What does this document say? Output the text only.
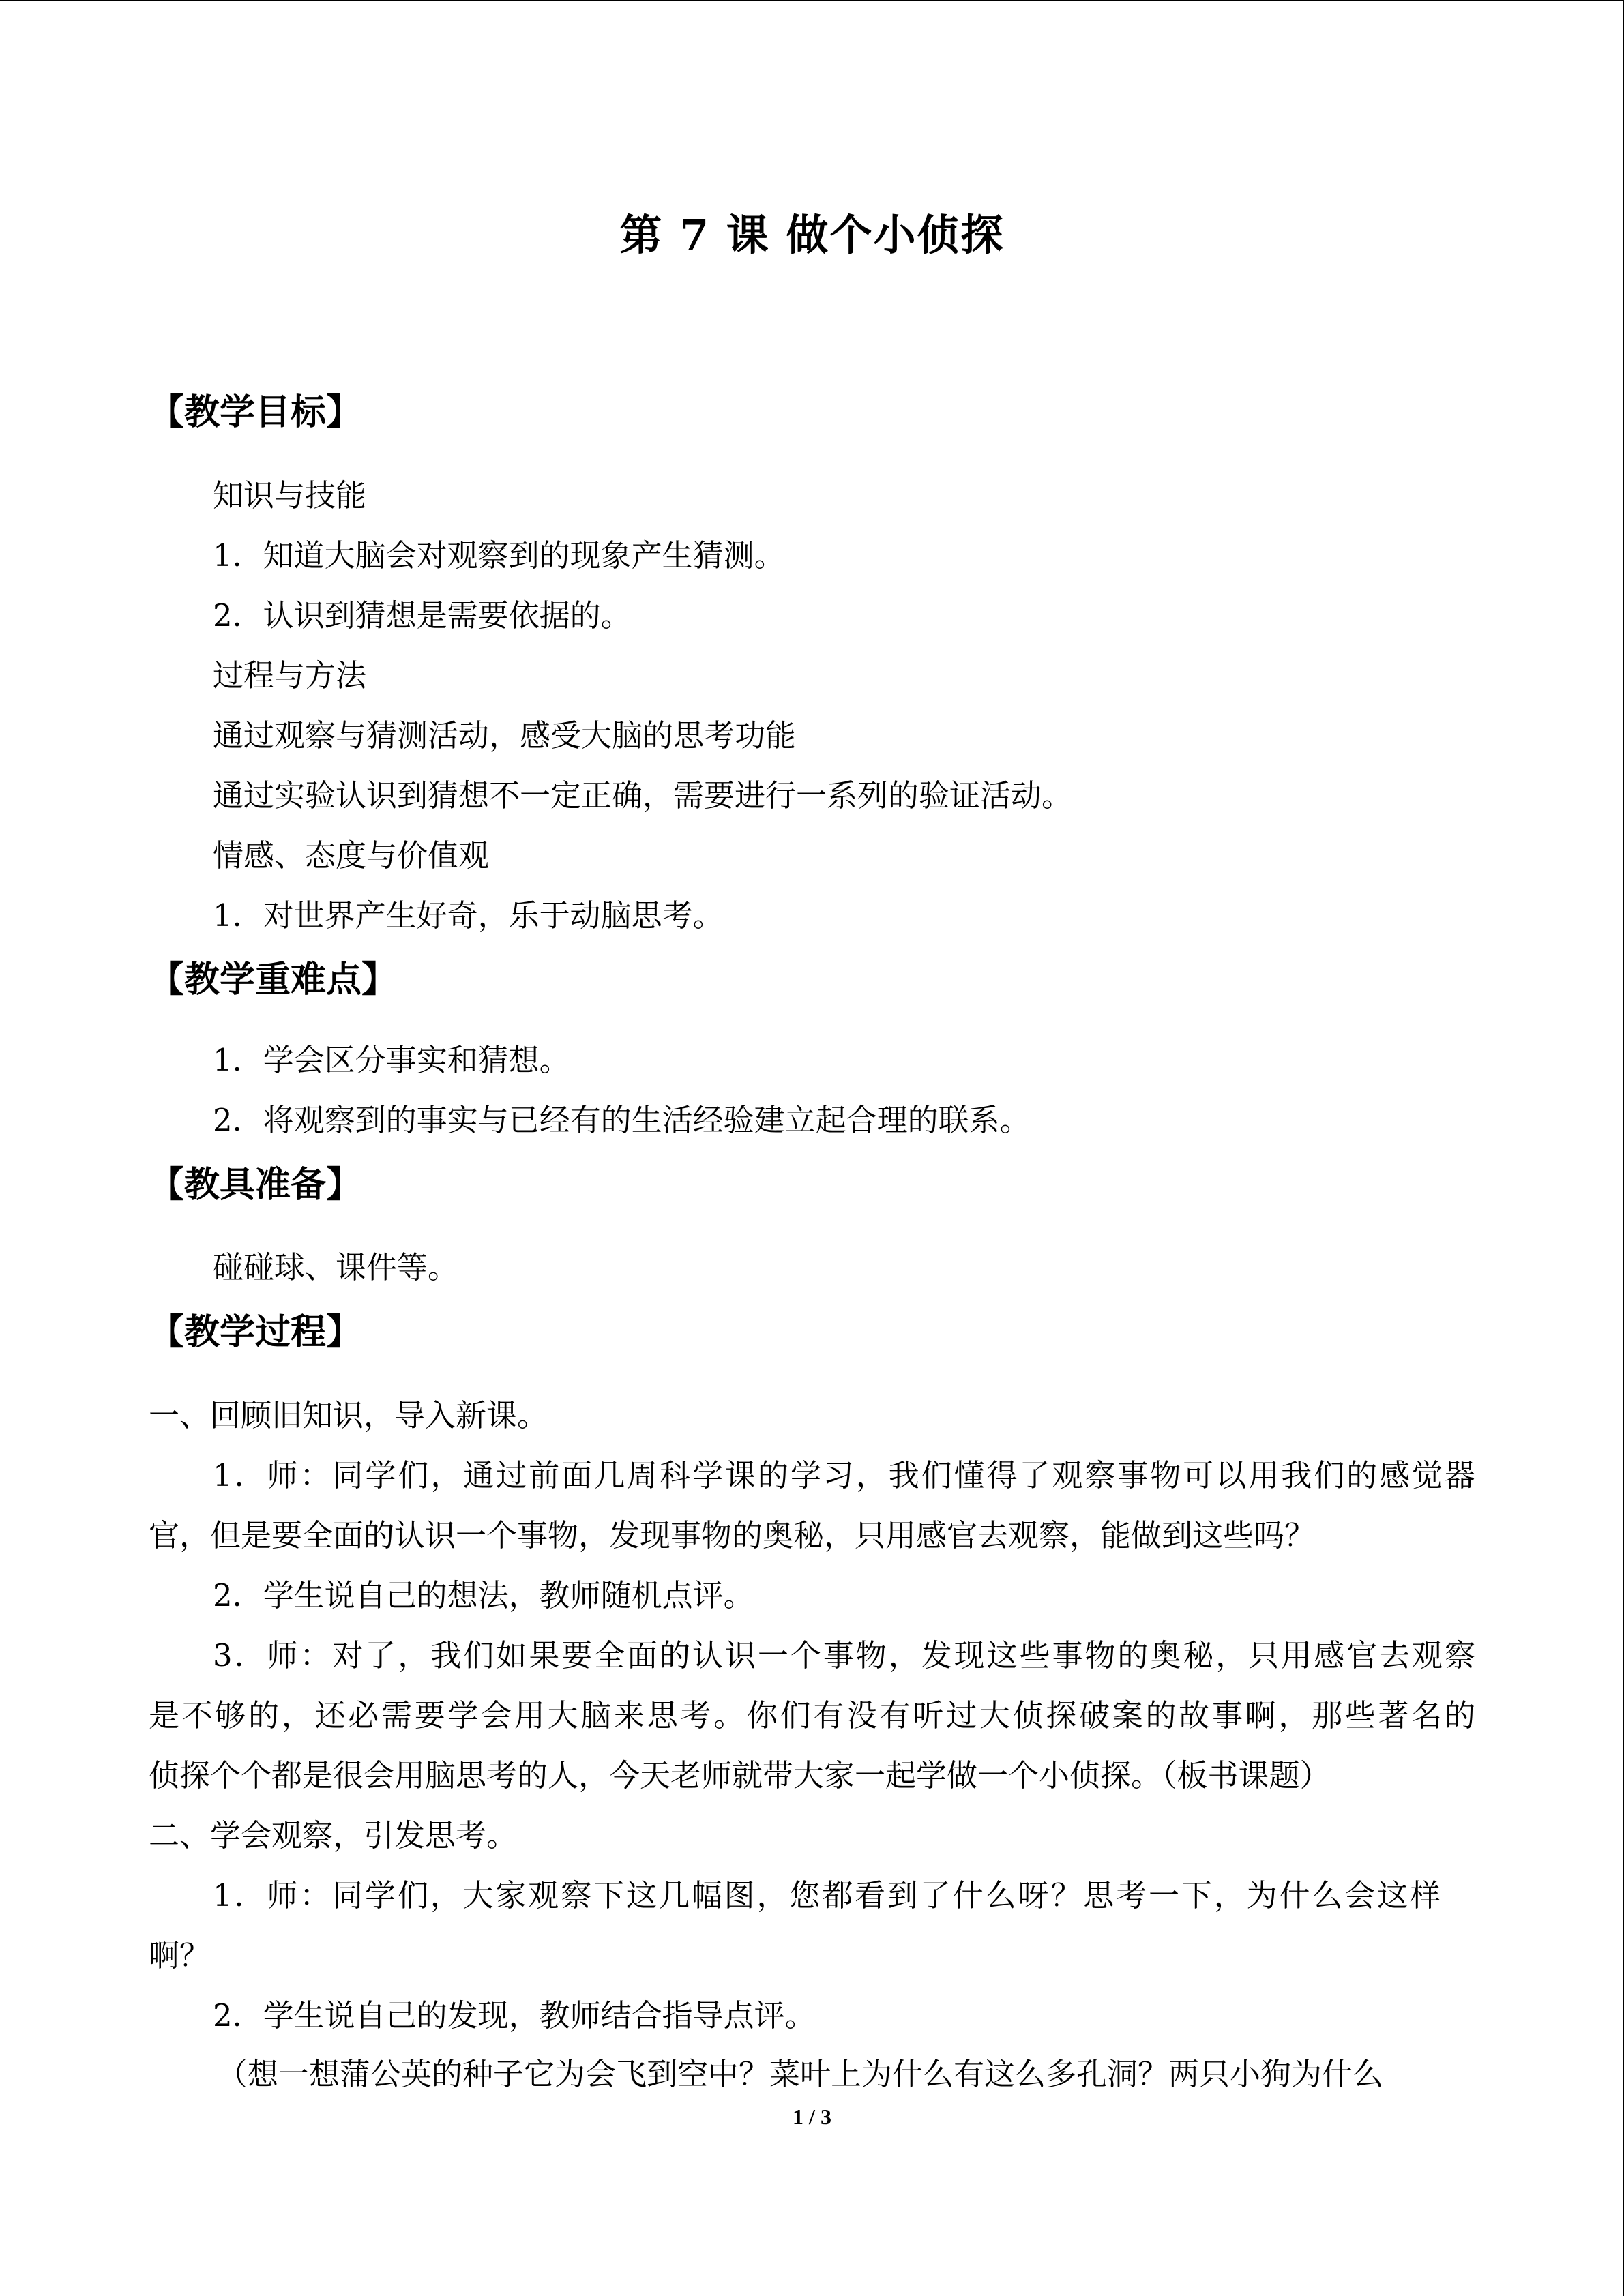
第 7 课 做个小侦探
【教学目标】
知识与技能
1．知道大脑会对观察到的现象产生猜测。
2．认识到猜想是需要依据的。
过程与方法
通过观察与猜测活动，感受大脑的思考功能
通过实验认识到猜想不一定正确，需要进行一系列的验证活动。
情感、态度与价值观
1．对世界产生好奇，乐于动脑思考。
【教学重难点】
1．学会区分事实和猜想。
2．将观察到的事实与已经有的生活经验建立起合理的联系。
【教具准备】
碰碰球、课件等。
【教学过程】
一、回顾旧知识，导入新课。
1．师：同学们，通过前面几周科学课的学习，我们懂得了观察事物可以用我们的感觉器
官，但是要全面的认识一个事物，发现事物的奥秘，只用感官去观察，能做到这些吗？
2．学生说自己的想法，教师随机点评。
3．师：对了，我们如果要全面的认识一个事物，发现这些事物的奥秘，只用感官去观察
是不够的，还必需要学会用大脑来思考。你们有没有听过大侦探破案的故事啊，那些著名的
侦探个个都是很会用脑思考的人，今天老师就带大家一起学做一个小侦探。（板书课题）
二、学会观察，引发思考。
1．师：同学们，大家观察下这几幅图，您都看到了什么呀？思考一下，为什么会这样
啊？
2．学生说自己的发现，教师结合指导点评。
（想一想蒲公英的种子它为会飞到空中？菜叶上为什么有这么多孔洞？两只小狗为什么
1 / 3
